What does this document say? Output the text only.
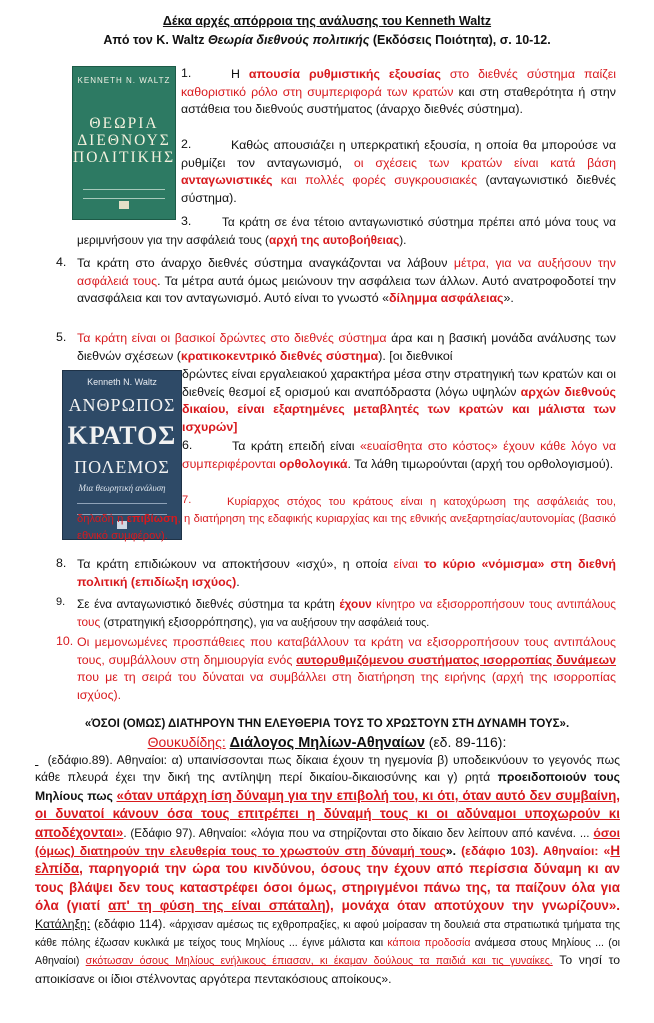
Δέκα αρχές απόρροια της ανάλυσης του Kenneth Waltz
Από τον K. Waltz Θεωρία διεθνούς πολιτικής (Εκδόσεις Ποιότητα), σ. 10-12.
KENNETH N. WALTZ
ΘΕΩΡΙΑ
ΔΙΕΘΝΟΥΣ
ΠΟΛΙΤΙΚΗΣ
1.	Η απουσία ρυθμιστικής εξουσίας στο διεθνές σύστημα παίζει καθοριστικό ρόλο στη συμπεριφορά των κρατών και στη σταθερότητα ή στην αστάθεια του διεθνούς συστήματος (άναρχο διεθνές σύστημα).
2.	Καθώς απουσιάζει η υπερκρατική εξουσία, η οποία θα μπορούσε να ρυθμίζει τον ανταγωνισμό, οι σχέσεις των κρατών είναι κατά βάση ανταγωνιστικές και πολλές φορές συγκρουσιακές (ανταγωνιστικό διεθνές σύστημα).
3.	Τα κράτη σε ένα τέτοιο ανταγωνιστικό σύστημα πρέπει από μόνα τους να μεριμνήσουν για την ασφάλειά τους (αρχή της αυτοβοήθειας).
4. Τα κράτη στο άναρχο διεθνές σύστημα αναγκάζονται να λάβουν μέτρα, για να αυξήσουν την ασφάλειά τους. Τα μέτρα αυτά όμως μειώνουν την ασφάλεια των άλλων. Αυτό ανατροφοδοτεί την ανασφάλεια και τον ανταγωνισμό. Αυτό είναι το γνωστό «δίλημμα ασφάλειας».
Kenneth N. Waltz
ΑΝΘΡΩΠΟΣ
ΚΡΑΤΟΣ
ΠΟΛΕΜΟΣ
Μια θεωρητική ανάλυση
5. Τα κράτη είναι οι βασικοί δρώντες στο διεθνές σύστημα άρα και η βασική μονάδα ανάλυσης των διεθνών σχέσεων (κρατικοκεντρικό διεθνές σύστημα). [οι διεθνικοί
δρώντες είναι εργαλειακού χαρακτήρα μέσα στην στρατηγική των κρατών και οι διεθνείς θεσμοί εξ ορισμού και αναπόδραστα (λόγω υψηλών αρχών διεθνούς δικαίου, είναι εξαρτημένες μεταβλητές των κρατών και μάλιστα των ισχυρών]
6.	Τα κράτη επειδή είναι «ευαίσθητα στο κόστος» έχουν κάθε λόγο να συμπεριφέρονται ορθολογικά. Τα λάθη τιμωρούνται (αρχή του ορθολογισμού).
7.	Κυρίαρχος στόχος του κράτους είναι η κατοχύρωση της ασφάλειάς του, δηλαδή η επιβίωση, η διατήρηση της εδαφικής κυριαρχίας και της εθνικής ανεξαρτησίας/αυτονομίας (βασικό εθνικό συμφέρον).
8. Τα κράτη επιδιώκουν να αποκτήσουν «ισχύ», η οποία είναι το κύριο «νόμισμα» στη διεθνή πολιτική (επιδίωξη ισχύος).
9. Σε ένα ανταγωνιστικό διεθνές σύστημα τα κράτη έχουν κίνητρο να εξισορροπήσουν τους αντιπάλους τους (στρατηγική εξισορρόπησης), για να αυξήσουν την ασφάλειά τους.
10. Οι μεμονωμένες προσπάθειες που καταβάλλουν τα κράτη να εξισορροπήσουν τους αντιπάλους τους, συμβάλλουν στη δημιουργία ενός αυτορυθμιζόμενου συστήματος ισορροπίας δυνάμεων που με τη σειρά του δύναται να συμβάλλει στη διατήρηση της ειρήνης (αρχή της ισορροπίας ισχύος).
«ΌΣΟΙ (ΟΜΩΣ) ΔΙΑΤΗΡΟΥΝ ΤΗΝ ΕΛΕΥΘΕΡΙΑ ΤΟΥΣ ΤΟ ΧΡΩΣΤΟΥΝ ΣΤΗ ΔΥΝΑΜΗ ΤΟΥΣ».
Θουκυδίδης: Διάλογος Μηλίων-Αθηναίων (εδ. 89-116):
(εδάφιο.89). Αθηναίοι: α) υπαινίσσονται πως δίκαια έχουν τη ηγεμονία β) υποδεικνύουν το γεγονός πως κάθε πλευρά έχει την δική της αντίληψη περί δικαίου-δικαιοσύνης και γ) ρητά προειδοποιούν τους Μηλίους πως «όταν υπάρχη ίση δύναμη για την επιβολή του, κι ότι, όταν αυτό δεν συμβαίνη, οι δυνατοί κάνουν όσα τους επιτρέπει η δύναμή τους κι οι αδύναμοι υποχωρούν κι αποδέχονται». (Εδάφιο 97). Αθηναίοι: «λόγια που να στηρίζονται στο δίκαιο δεν λείπουν από κανένα. ... όσοι (όμως) διατηρούν την ελευθερία τους το χρωστούν στη δύναμή τους». (εδάφιο 103). Αθηναίοι: «Η ελπίδα, παρηγοριά την ώρα του κινδύνου, όσους την έχουν από περίσσια δύναμη κι αν τους βλάψει δεν τους καταστρέφει όσοι όμως, στηριγμένοι πάνω της, τα παίζουν όλα για όλα (γιατί απ' τη φύση της είναι σπάταλη), μονάχα όταν αποτύχουν την γνωρίζουν». Κατάληξη: (εδάφιο 114). «άρχισαν αμέσως τις εχθροπραξίες, κι αφού μοίρασαν τη δουλειά στα στρατιωτικά τμήματα της κάθε πόλης έζωσαν κυκλικά με τείχος τους Μηλίους ... έγινε μάλιστα και κάποια προδοσία ανάμεσα στους Μηλίους ... (οι Αθηναίοι) σκότωσαν όσους Μηλίους ενήλικους έπιασαν, κι έκαμαν δούλους τα παιδιά και τις γυναίκες. Το νησί το αποικίσανε οι ίδιοι στέλνοντας αργότερα πεντακόσιους αποίκους».
